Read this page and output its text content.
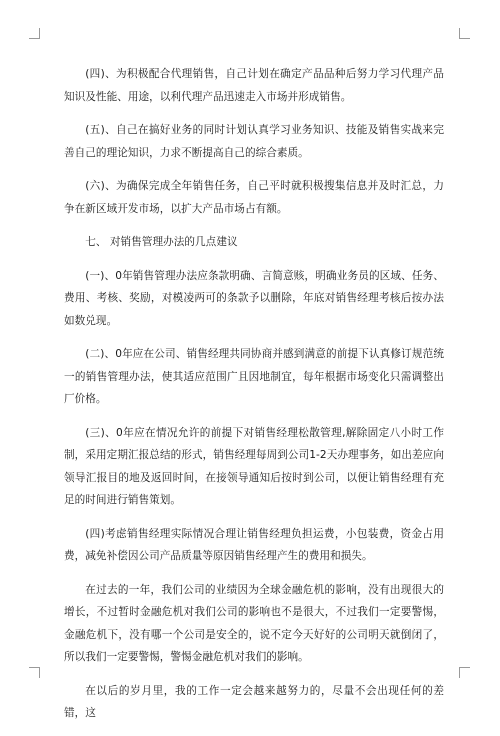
(四)、为积极配合代理销售，自己计划在确定产品品种后努力学习代理产品知识及性能、用途，以利代理产品迅速走入市场并形成销售。

(五)、自己在搞好业务的同时计划认真学习业务知识、技能及销售实战来完善自己的理论知识，力求不断提高自己的综合素质。

(六)、为确保完成全年销售任务，自己平时就积极搜集信息并及时汇总，力争在新区域开发市场，以扩大产品市场占有额。

七、 对销售管理办法的几点建议

(一)、0年销售管理办法应条款明确、言简意赅，明确业务员的区域、任务、费用、考核、奖励，对模凌两可的条款予以删除，年底对销售经理考核后按办法如数兑现。

(二)、0年应在公司、销售经理共同协商并感到满意的前提下认真修订规范统一的销售管理办法，使其适应范围广且因地制宜，每年根据市场变化只需调整出厂价格。

(三)、0年应在情况允许的前提下对销售经理松散管理,解除固定八小时工作制，采用定期汇报总结的形式，销售经理每周到公司1-2天办理事务，如出差应向领导汇报目的地及返回时间，在接领导通知后按时到公司，以便让销售经理有充足的时间进行销售策划。

(四)考虑销售经理实际情况合理让销售经理负担运费，小包装费，资金占用费，减免补偿因公司产品质量等原因销售经理产生的费用和损失。

在过去的一年，我们公司的业绩因为全球金融危机的影响，没有出现很大的增长，不过暂时金融危机对我们公司的影响也不是很大，不过我们一定要警惕，金融危机下，没有哪一个公司是安全的，说不定今天好好的公司明天就倒闭了，所以我们一定要警惕，警惕金融危机对我们的影响。

在以后的岁月里，我的工作一定会越来越努力的，尽量不会出现任何的差错，这
